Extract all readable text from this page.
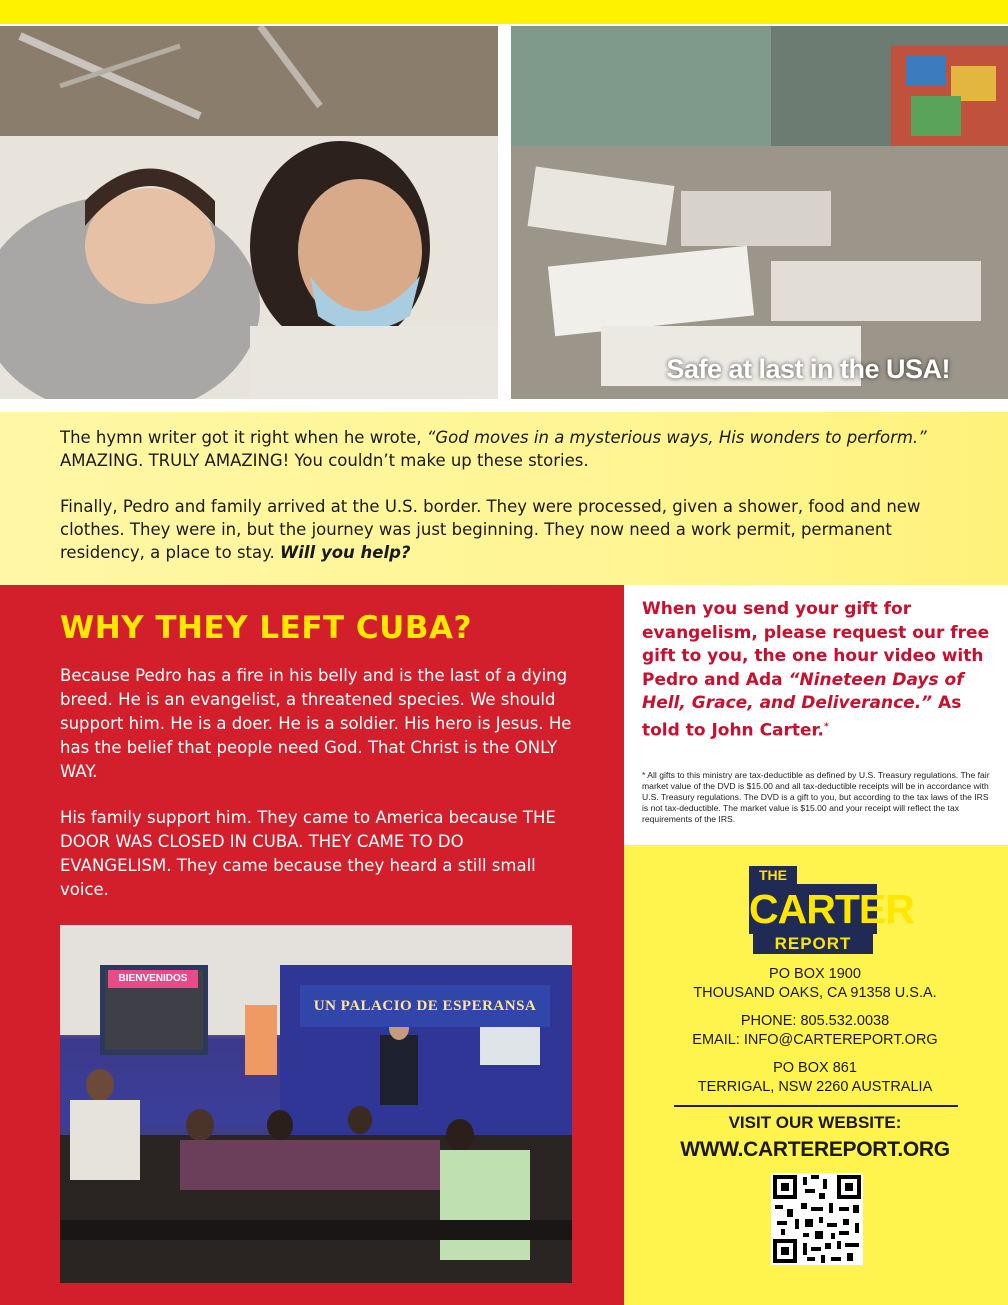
Safe at last in the USA!

The hymn writer got it right when he wrote, “God moves in a mysterious ways, His wonders to perform.” AMAZING. TRULY AMAZING! You couldn’t make up these stories.

Finally, Pedro and family arrived at the U.S. border. They were processed, given a shower, food and new clothes. They were in, but the journey was just beginning. They now need a work permit, permanent residency, a place to stay. Will you help?

WHY THEY LEFT CUBA?

Because Pedro has a fire in his belly and is the last of a dying breed. He is an evangelist, a threatened species. We should support him. He is a doer. He is a soldier. His hero is Jesus. He has the belief that people need God. That Christ is the ONLY WAY.

His family support him. They came to America because THE DOOR WAS CLOSED IN CUBA. THEY CAME TO DO EVANGELISM. They came because they heard a still small voice.

UN PALACIO DE ESPERANSA
BIENVENIDOS
When you send your gift for evangelism, please request our free gift to you, the one hour video with Pedro and Ada “Nineteen Days of Hell, Grace, and Deliverance.” As told to John Carter.*
* All gifts to this ministry are tax-deductible as defined by U.S. Treasury regulations. The fair market value of the DVD is $15.00 and all tax-deductible receipts will be in accordance with U.S. Treasury regulations. The DVD is a gift to you, but according to the tax laws of the IRS is not tax-deductible. The market value is $15.00 and your receipt will reflect the tax requirements of the IRS.
THE
CARTER
REPORT
PO BOX 1900
THOUSAND OAKS, CA 91358 U.S.A.
PHONE: 805.532.0038
EMAIL: INFO@CARTEREPORT.ORG
PO BOX 861
TERRIGAL, NSW 2260 AUSTRALIA
VISIT OUR WEBSITE:
WWW.CARTEREPORT.ORG
